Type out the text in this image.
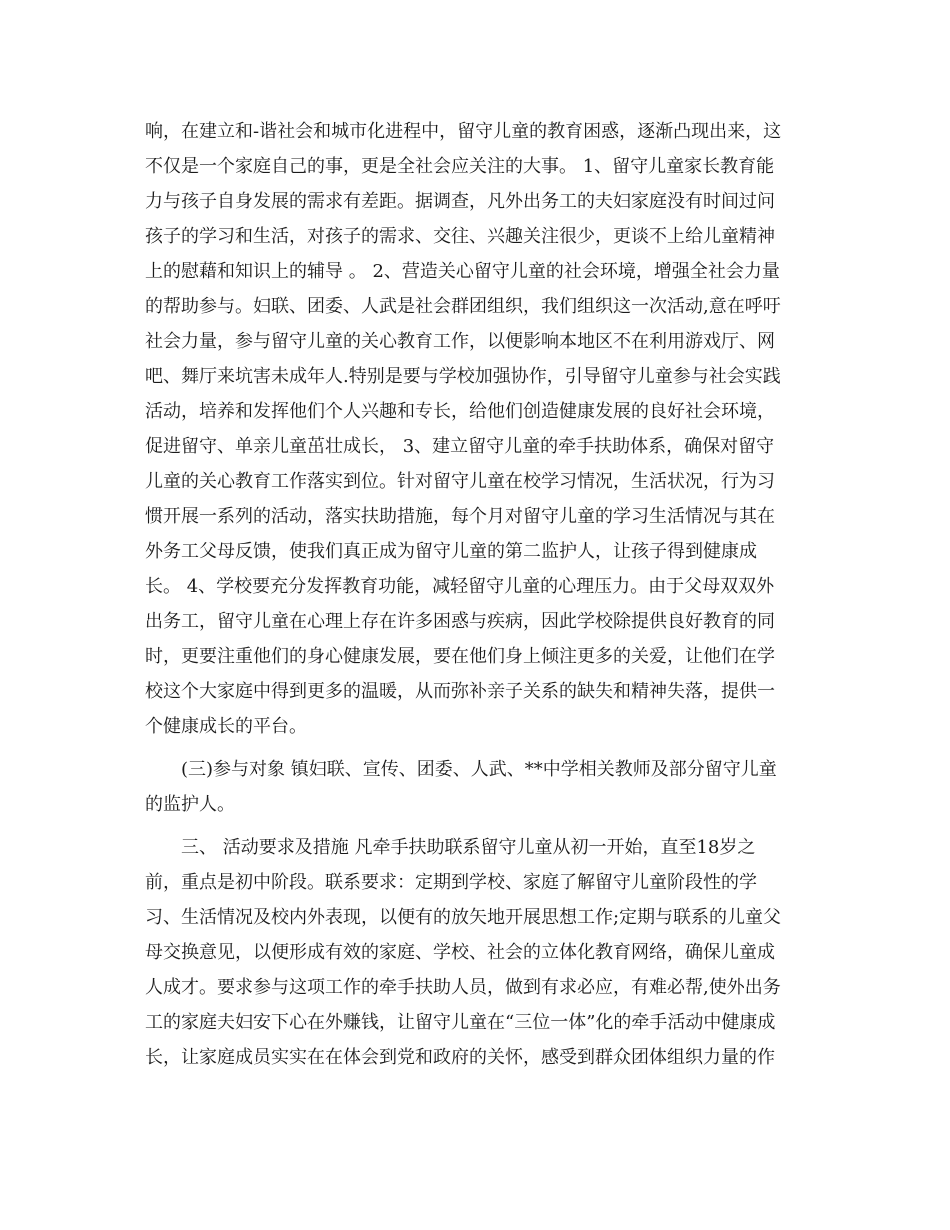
响，在建立和-谐社会和城市化进程中，留守儿童的教育困惑，逐渐凸现出来，这
不仅是一个家庭自己的事，更是全社会应关注的大事。 1、留守儿童家长教育能
力与孩子自身发展的需求有差距。据调查，凡外出务工的夫妇家庭没有时间过问
孩子的学习和生活，对孩子的需求、交往、兴趣关注很少，更谈不上给儿童精神
上的慰藉和知识上的辅导 。 2、营造关心留守儿童的社会环境，增强全社会力量
的帮助参与。妇联、团委、人武是社会群团组织，我们组织这一次活动,意在呼吁
社会力量，参与留守儿童的关心教育工作，以便影响本地区不在利用游戏厅、网
吧、舞厅来坑害未成年人.特别是要与学校加强协作，引导留守儿童参与社会实践
活动，培养和发挥他们个人兴趣和专长，给他们创造健康发展的良好社会环境，
促进留守、单亲儿童茁壮成长， 3、建立留守儿童的牵手扶助体系，确保对留守
儿童的关心教育工作落实到位。针对留守儿童在校学习情况，生活状况，行为习
惯开展一系列的活动，落实扶助措施，每个月对留守儿童的学习生活情况与其在
外务工父母反馈，使我们真正成为留守儿童的第二监护人，让孩子得到健康成
长。 4、学校要充分发挥教育功能，减轻留守儿童的心理压力。由于父母双双外
出务工，留守儿童在心理上存在许多困惑与疾病，因此学校除提供良好教育的同
时，更要注重他们的身心健康发展，要在他们身上倾注更多的关爱，让他们在学
校这个大家庭中得到更多的温暖，从而弥补亲子关系的缺失和精神失落，提供一
个健康成长的平台。
(三)参与对象 镇妇联、宣传、团委、人武、**中学相关教师及部分留守儿童
的监护人。
三、 活动要求及措施 凡牵手扶助联系留守儿童从初一开始，直至18岁之
前，重点是初中阶段。联系要求：定期到学校、家庭了解留守儿童阶段性的学
习、生活情况及校内外表现，以便有的放矢地开展思想工作;定期与联系的儿童父
母交换意见，以便形成有效的家庭、学校、社会的立体化教育网络，确保儿童成
人成才。要求参与这项工作的牵手扶助人员，做到有求必应，有难必帮,使外出务
工的家庭夫妇安下心在外赚钱，让留守儿童在“三位一体”化的牵手活动中健康成
长，让家庭成员实实在在体会到党和政府的关怀，感受到群众团体组织力量的作
